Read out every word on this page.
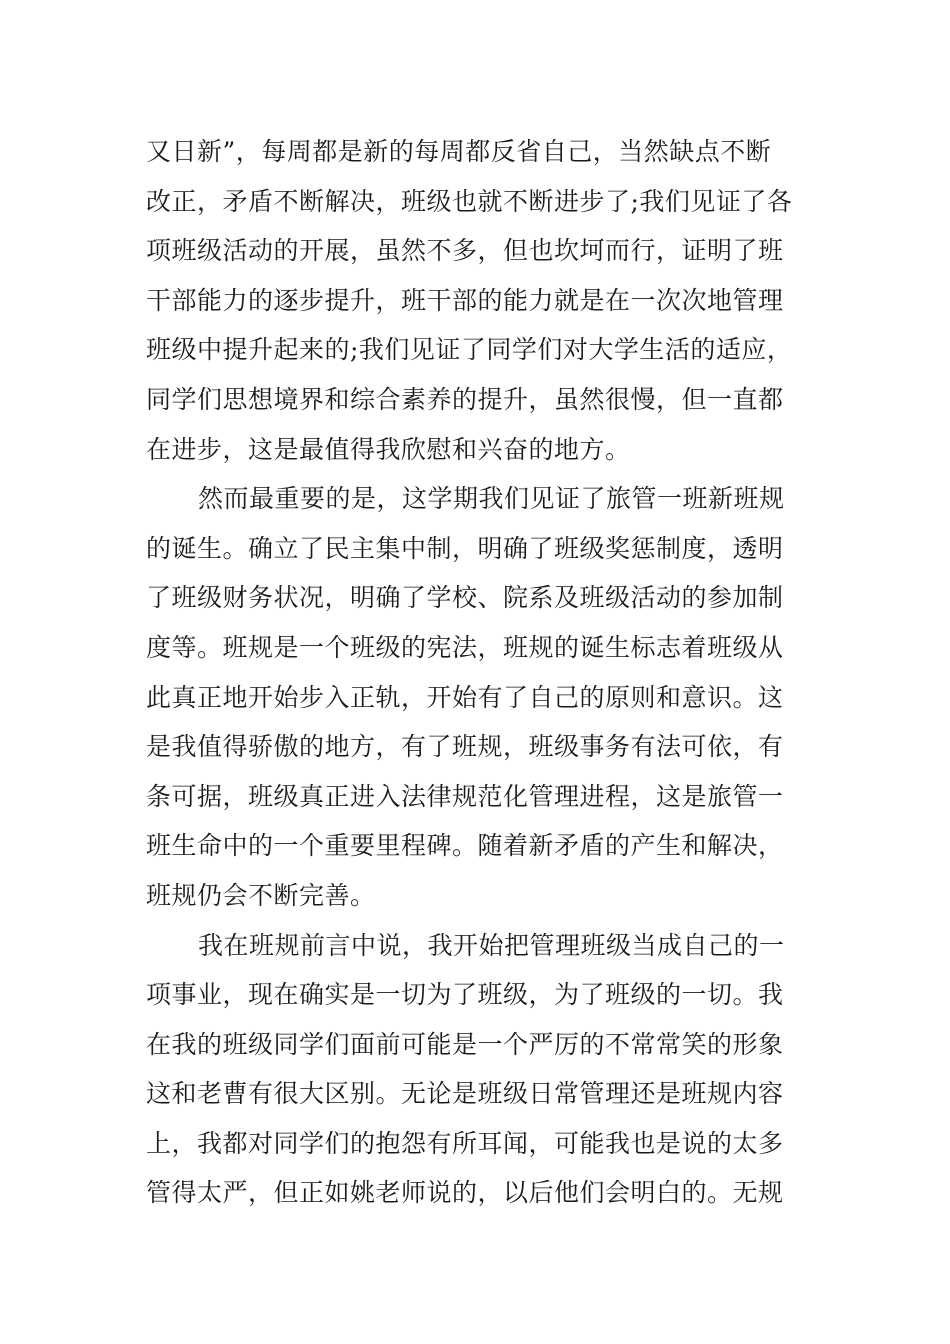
又日新”，每周都是新的每周都反省自己，当然缺点不断
改正，矛盾不断解决，班级也就不断进步了;我们见证了各
项班级活动的开展，虽然不多，但也坎坷而行，证明了班
干部能力的逐步提升，班干部的能力就是在一次次地管理
班级中提升起来的;我们见证了同学们对大学生活的适应，
同学们思想境界和综合素养的提升，虽然很慢，但一直都
在进步，这是最值得我欣慰和兴奋的地方。
然而最重要的是，这学期我们见证了旅管一班新班规
的诞生。确立了民主集中制，明确了班级奖惩制度，透明
了班级财务状况，明确了学校、院系及班级活动的参加制
度等。班规是一个班级的宪法，班规的诞生标志着班级从
此真正地开始步入正轨，开始有了自己的原则和意识。这
是我值得骄傲的地方，有了班规，班级事务有法可依，有
条可据，班级真正进入法律规范化管理进程，这是旅管一
班生命中的一个重要里程碑。随着新矛盾的产生和解决，
班规仍会不断完善。
我在班规前言中说，我开始把管理班级当成自己的一
项事业，现在确实是一切为了班级，为了班级的一切。我
在我的班级同学们面前可能是一个严厉的不常常笑的形象
这和老曹有很大区别。无论是班级日常管理还是班规内容
上，我都对同学们的抱怨有所耳闻，可能我也是说的太多
管得太严，但正如姚老师说的，以后他们会明白的。无规
